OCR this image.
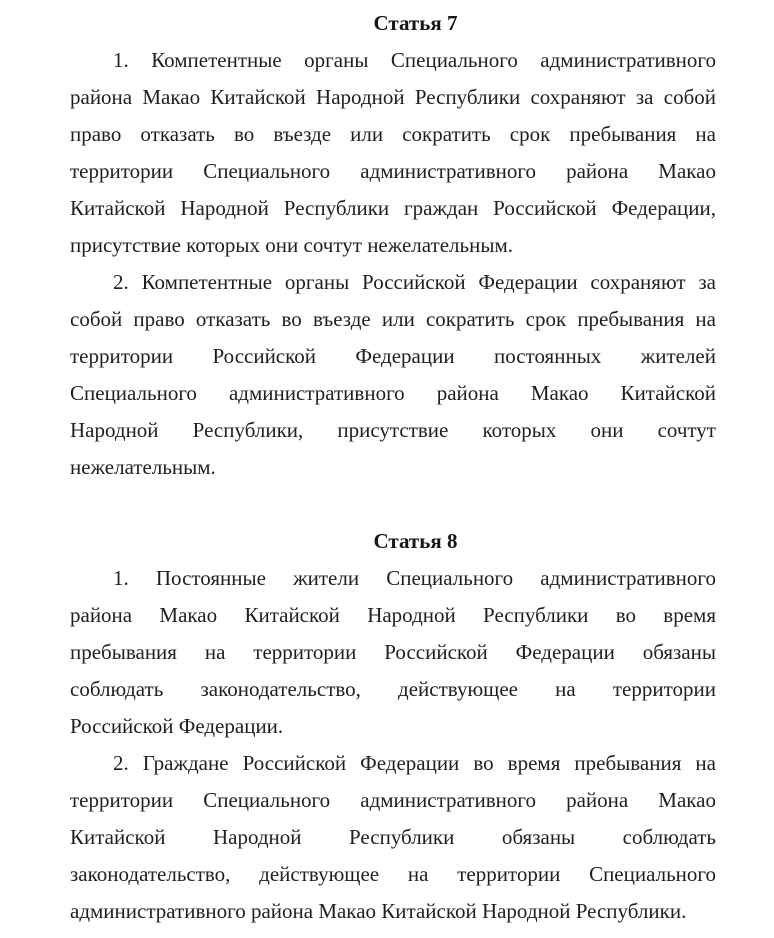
Статья 7
1. Компетентные органы Специального административного
района Макао Китайской Народной Республики сохраняют за собой
право отказать во въезде или сократить срок пребывания на
территории Специального административного района Макао
Китайской Народной Республики граждан Российской Федерации,
присутствие которых они сочтут нежелательным.
2. Компетентные органы Российской Федерации сохраняют за
собой право отказать во въезде или сократить срок пребывания на
территории Российской Федерации постоянных жителей
Специального административного района Макао Китайской
Народной Республики, присутствие которых они сочтут
нежелательным.
Статья 8
1. Постоянные жители Специального административного
района Макао Китайской Народной Республики во время
пребывания на территории Российской Федерации обязаны
соблюдать законодательство, действующее на территории
Российской Федерации.
2. Граждане Российской Федерации во время пребывания на
территории Специального административного района Макао
Китайской Народной Республики обязаны соблюдать
законодательство, действующее на территории Специального
административного района Макао Китайской Народной Республики.
